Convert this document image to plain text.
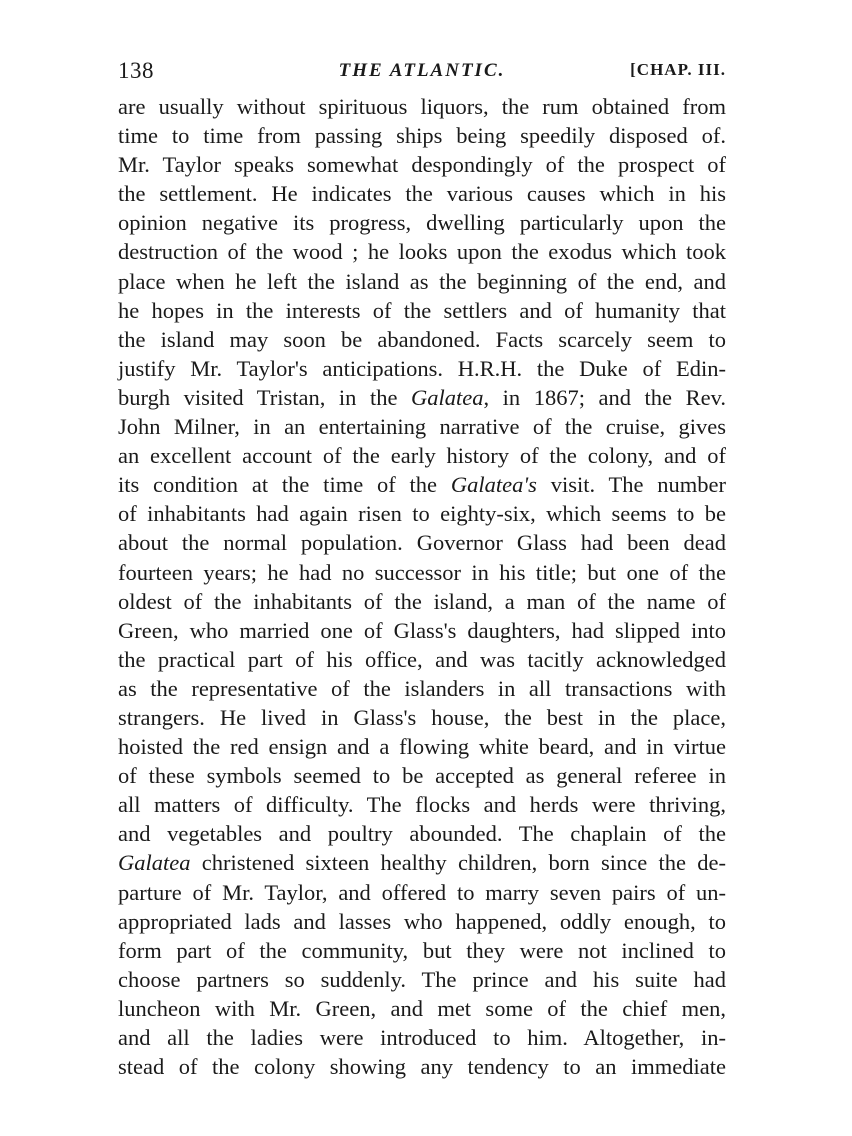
138	THE ATLANTIC.	[CHAP. III.
are usually without spirituous liquors, the rum obtained from
time to time from passing ships being speedily disposed of.
Mr. Taylor speaks somewhat despondingly of the prospect of
the settlement. He indicates the various causes which in his
opinion negative its progress, dwelling particularly upon the
destruction of the wood ; he looks upon the exodus which took
place when he left the island as the beginning of the end, and
he hopes in the interests of the settlers and of humanity that
the island may soon be abandoned. Facts scarcely seem to
justify Mr. Taylor's anticipations. H.R.H. the Duke of Edin-
burgh visited Tristan, in the Galatea, in 1867; and the Rev.
John Milner, in an entertaining narrative of the cruise, gives
an excellent account of the early history of the colony, and of
its condition at the time of the Galatea's visit. The number
of inhabitants had again risen to eighty-six, which seems to be
about the normal population. Governor Glass had been dead
fourteen years; he had no successor in his title; but one of the
oldest of the inhabitants of the island, a man of the name of
Green, who married one of Glass's daughters, had slipped into
the practical part of his office, and was tacitly acknowledged
as the representative of the islanders in all transactions with
strangers. He lived in Glass's house, the best in the place,
hoisted the red ensign and a flowing white beard, and in virtue
of these symbols seemed to be accepted as general referee in
all matters of difficulty. The flocks and herds were thriving,
and vegetables and poultry abounded. The chaplain of the
Galatea christened sixteen healthy children, born since the de-
parture of Mr. Taylor, and offered to marry seven pairs of un-
appropriated lads and lasses who happened, oddly enough, to
form part of the community, but they were not inclined to
choose partners so suddenly. The prince and his suite had
luncheon with Mr. Green, and met some of the chief men,
and all the ladies were introduced to him. Altogether, in-
stead of the colony showing any tendency to an immediate
